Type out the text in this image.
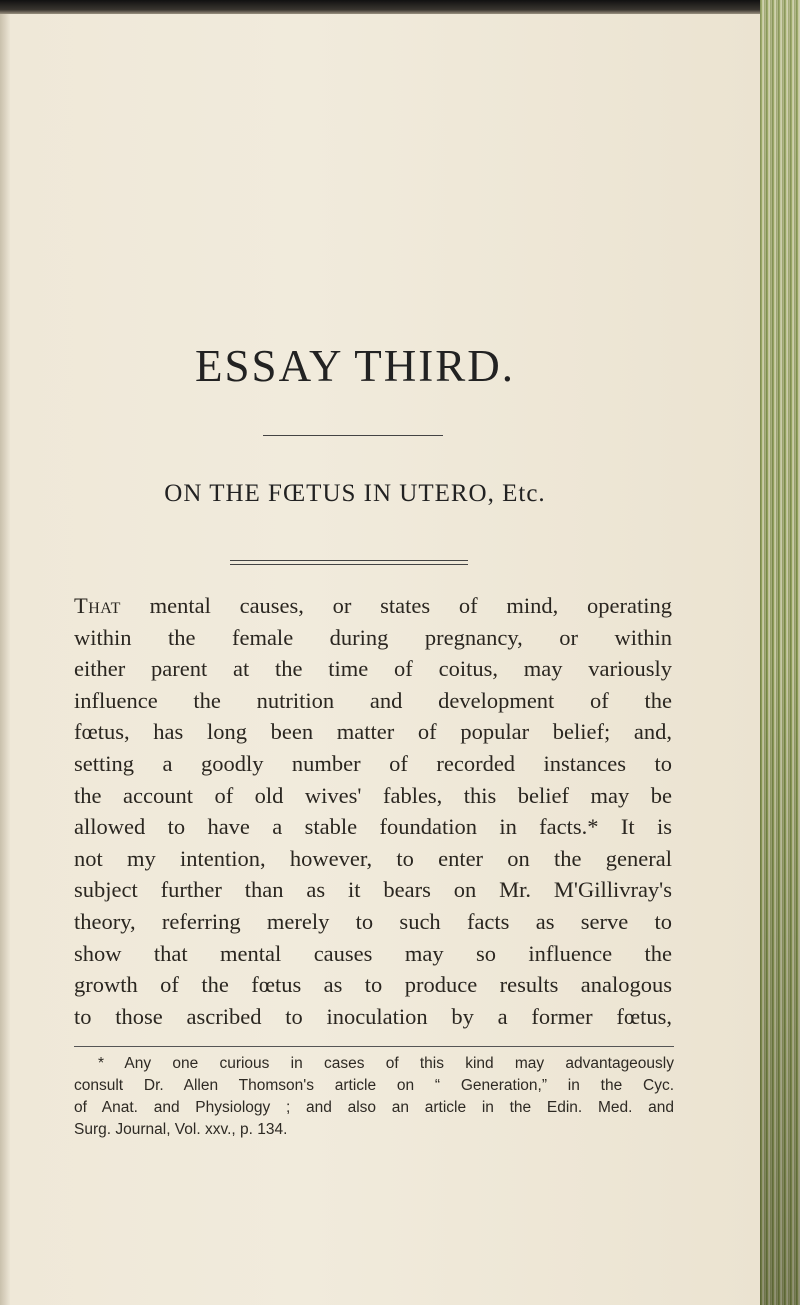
ESSAY THIRD.
ON THE FŒTUS IN UTERO, Etc.
That mental causes, or states of mind, operating
within the female during pregnancy, or within
either parent at the time of coitus, may variously
influence the nutrition and development of the
fœtus, has long been matter of popular belief; and,
setting a goodly number of recorded instances to
the account of old wives' fables, this belief may be
allowed to have a stable foundation in facts.* It is
not my intention, however, to enter on the general
subject further than as it bears on Mr. M'Gillivray's
theory, referring merely to such facts as serve to
show that mental causes may so influence the
growth of the fœtus as to produce results analogous
to those ascribed to inoculation by a former fœtus,
* Any one curious in cases of this kind may advantageously
consult Dr. Allen Thomson's article on “ Generation,” in the Cyc.
of Anat. and Physiology ; and also an article in the Edin. Med. and
Surg. Journal, Vol. xxv., p. 134.
